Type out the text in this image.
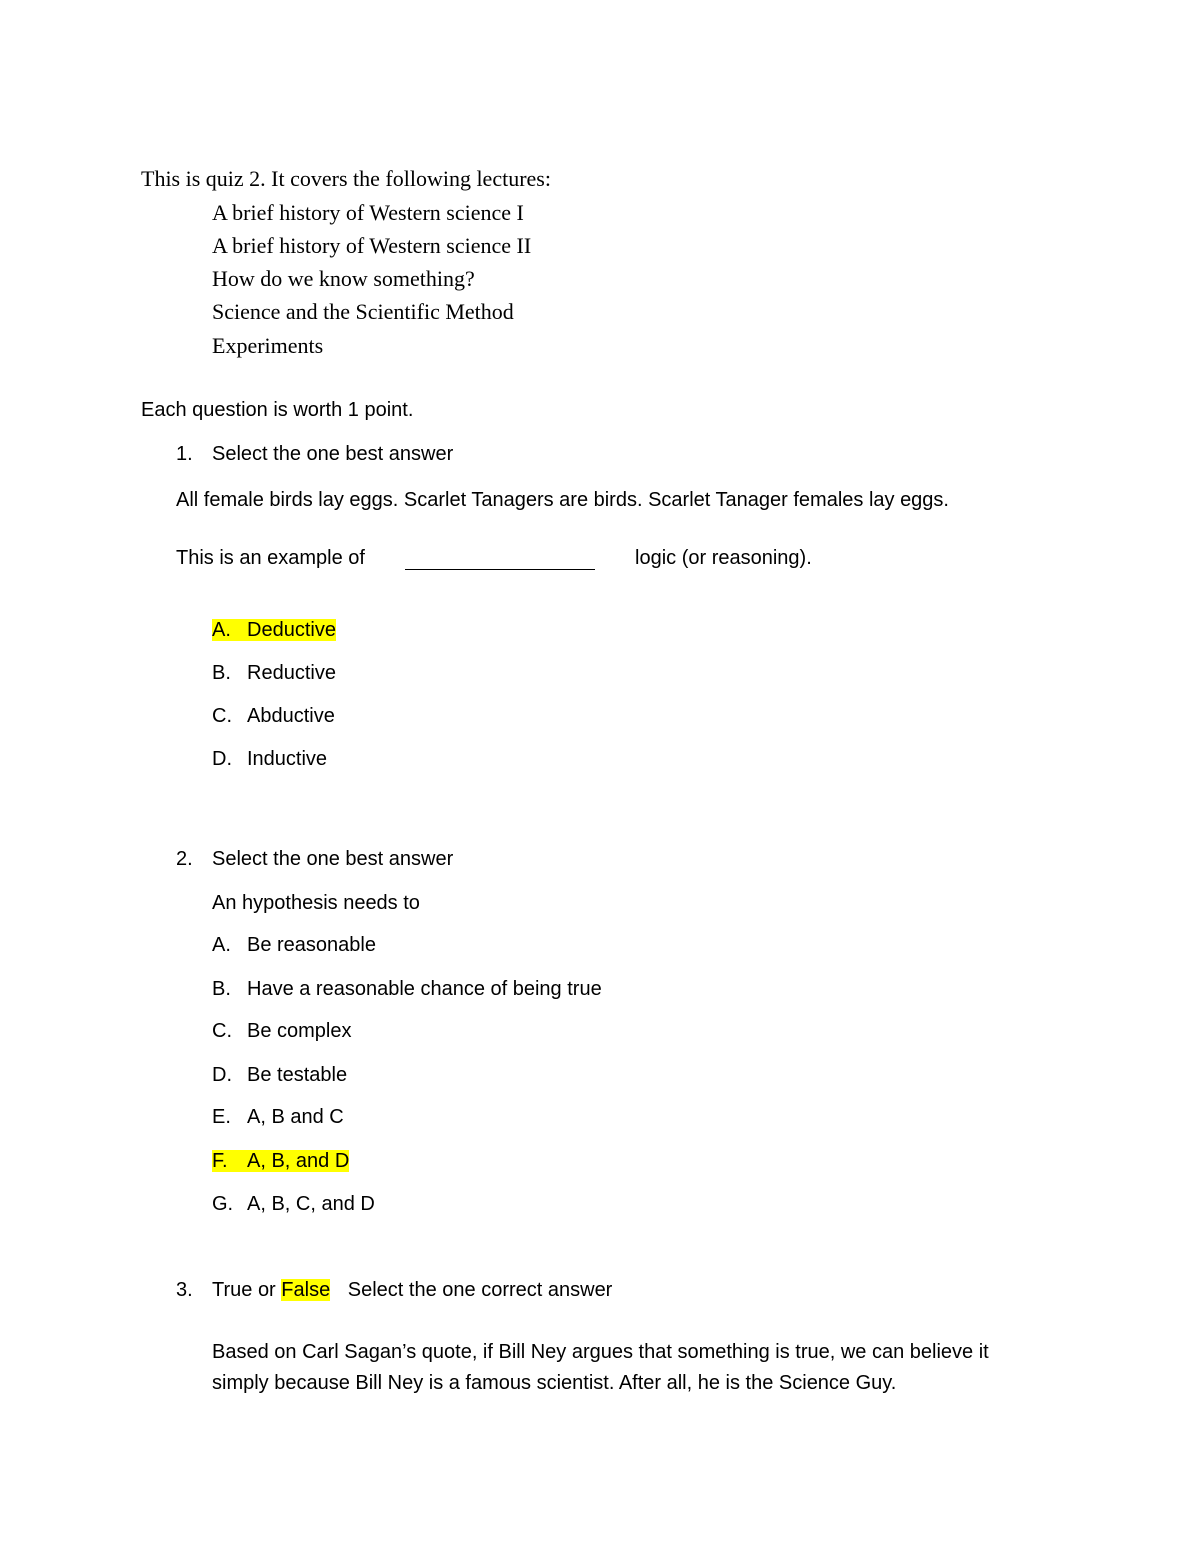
This is quiz 2. It covers the following lectures:
A brief history of Western science I
A brief history of Western science II
How do we know something?
Science and the Scientific Method
Experiments
Each question is worth 1 point.
1. Select the one best answer
All female birds lay eggs. Scarlet Tanagers are birds. Scarlet Tanager females lay eggs.
This is an example of	logic (or reasoning).
A. Deductive
B. Reductive
C. Abductive
D. Inductive
2. Select the one best answer
An hypothesis needs to
A. Be reasonable
B. Have a reasonable chance of being true
C. Be complex
D. Be testable
E. A, B and C
F. A, B, and D
G. A, B, C, and D
3. True or False Select the one correct answer
Based on Carl Sagan’s quote, if Bill Ney argues that something is true, we can believe it
simply because Bill Ney is a famous scientist. After all, he is the Science Guy.
